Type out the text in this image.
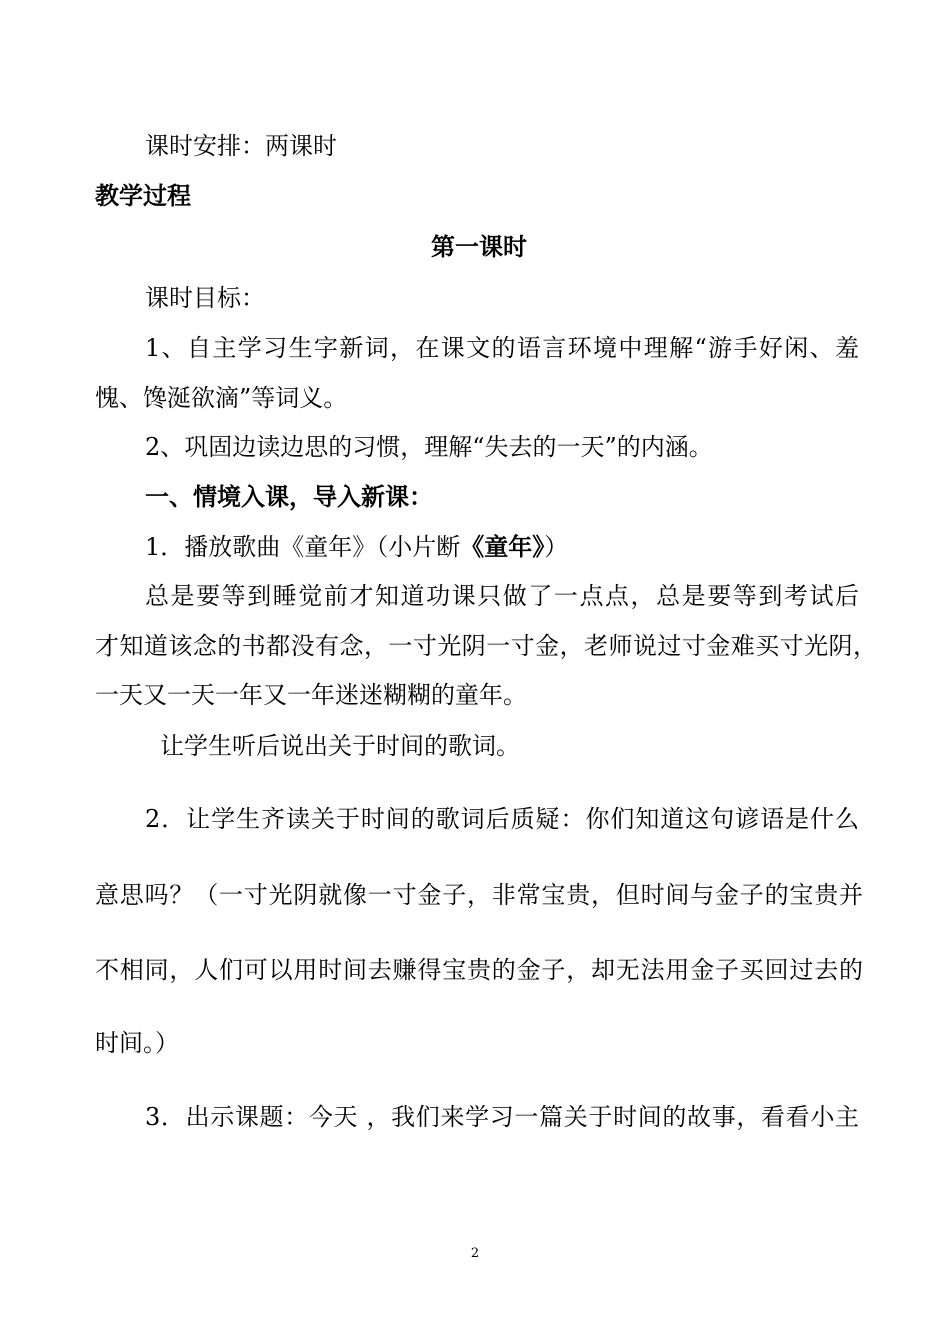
课时安排：两课时
教学过程
第一课时
课时目标：
1、自主学习生字新词，在课文的语言环境中理解“游手好闲、羞
愧、馋涎欲滴”等词义。
2、巩固边读边思的习惯，理解“失去的一天”的内涵。
一、情境入课，导入新课：
1．播放歌曲《童年》（小片断《童年》）
总是要等到睡觉前才知道功课只做了一点点，总是要等到考试后
才知道该念的书都没有念，一寸光阴一寸金，老师说过寸金难买寸光阴，
一天又一天一年又一年迷迷糊糊的童年。
让学生听后说出关于时间的歌词。
2．让学生齐读关于时间的歌词后质疑：你们知道这句谚语是什么
意思吗？（一寸光阴就像一寸金子，非常宝贵，但时间与金子的宝贵并
不相同，人们可以用时间去赚得宝贵的金子，却无法用金子买回过去的
时间。）
3．出示课题：今天 ，我们来学习一篇关于时间的故事，看看小主
2
